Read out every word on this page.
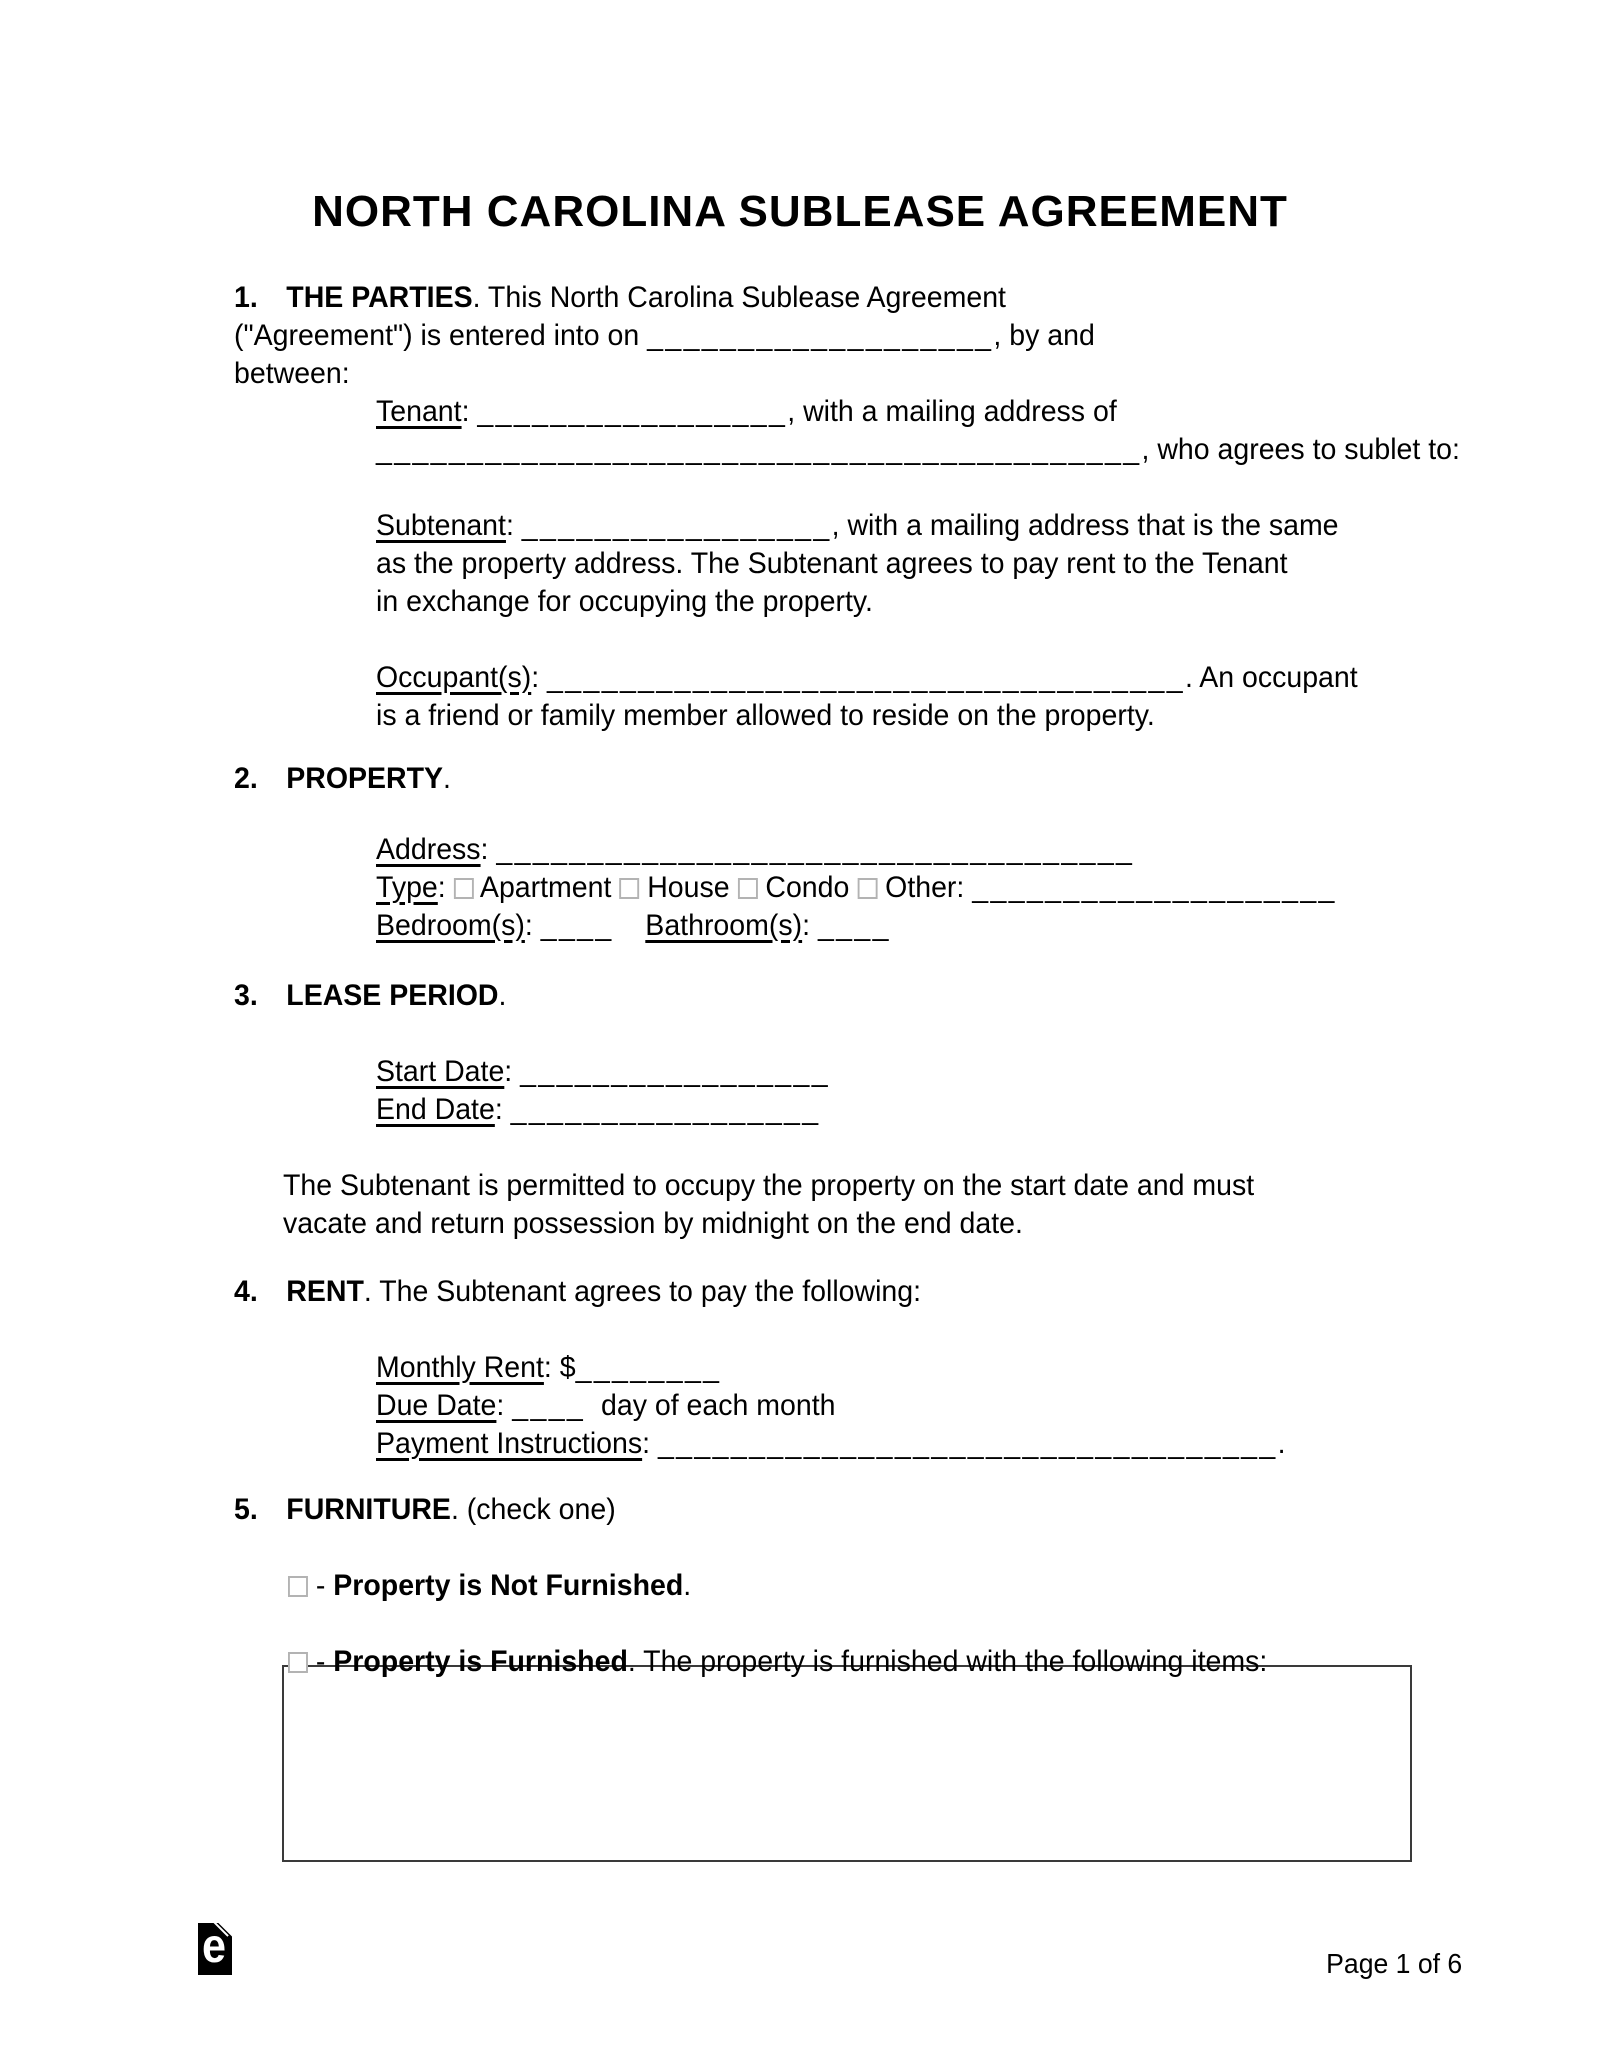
NORTH CAROLINA SUBLEASE AGREEMENT
1. THE PARTIES. This North Carolina Sublease Agreement
("Agreement") is entered into on ___________________, by and
between:
Tenant: _________________, with a mailing address of
__________________________________________, who agrees to sublet to:
Subtenant: _________________, with a mailing address that is the same
as the property address. The Subtenant agrees to pay rent to the Tenant
in exchange for occupying the property.
Occupant(s): ___________________________________. An occupant
is a friend or family member allowed to reside on the property.
2. PROPERTY.
Address: ___________________________________
Type:  Apartment  House  Condo  Other: ____________________
Bedroom(s): ____ Bathroom(s): ____
3. LEASE PERIOD.
Start Date: _________________
End Date: _________________
The Subtenant is permitted to occupy the property on the start date and must
vacate and return possession by midnight on the end date.
4. RENT. The Subtenant agrees to pay the following:
Monthly Rent: $________
Due Date: ____  day of each month
Payment Instructions: __________________________________.
5. FURNITURE. (check one)
- Property is Not Furnished.
- Property is Furnished. The property is furnished with the following items:
e	Page 1 of 6
